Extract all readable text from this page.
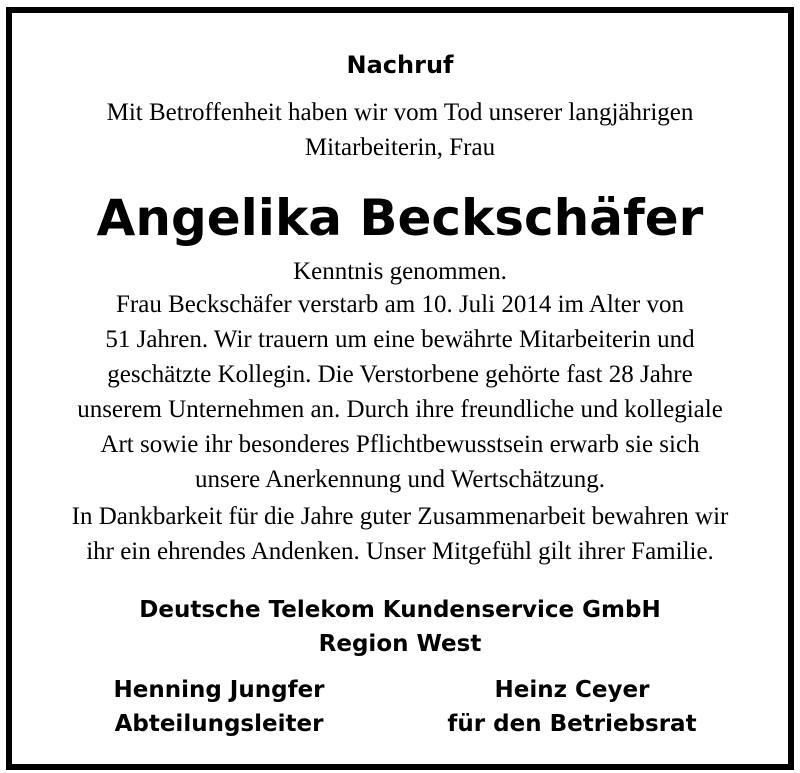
Nachruf
Mit Betroffenheit haben wir vom Tod unserer langjährigen
Mitarbeiterin, Frau
Angelika Beckschäfer
Kenntnis genommen.
Frau Beckschäfer verstarb am 10. Juli 2014 im Alter von
51 Jahren. Wir trauern um eine bewährte Mitarbeiterin und
geschätzte Kollegin. Die Verstorbene gehörte fast 28 Jahre
unserem Unternehmen an. Durch ihre freundliche und kollegiale
Art sowie ihr besonderes Pflichtbewusstsein erwarb sie sich
unsere Anerkennung und Wertschätzung.
In Dankbarkeit für die Jahre guter Zusammenarbeit bewahren wir
ihr ein ehrendes Andenken. Unser Mitgefühl gilt ihrer Familie.
Deutsche Telekom Kundenservice GmbH
Region West
Henning Jungfer
Abteilungsleiter
Heinz Ceyer
für den Betriebsrat
